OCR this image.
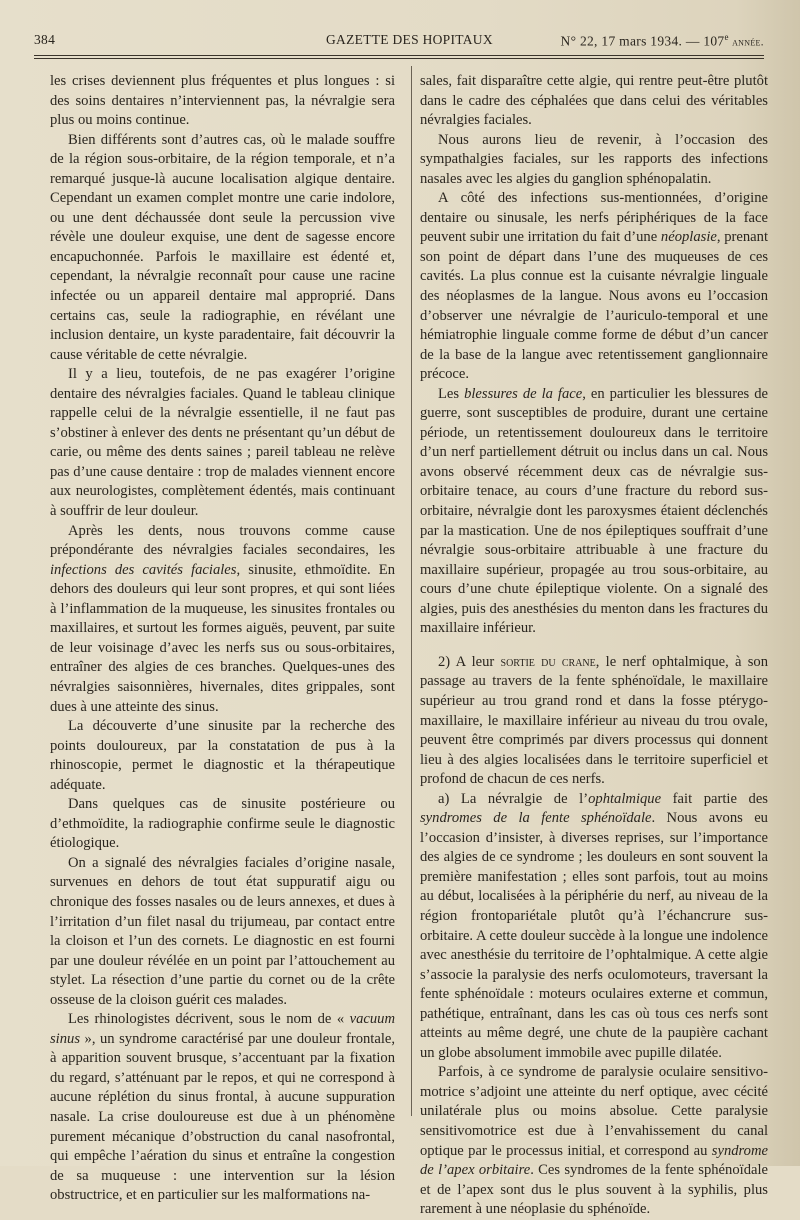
384	GAZETTE DES HOPITAUX	N° 22, 17 mars 1934. — 107e année.

les crises deviennent plus fréquentes et plus longues : si des soins dentaires n’interviennent pas, la névralgie sera plus ou moins continue.

Bien différents sont d’autres cas, où le malade souffre de la région sous-orbitaire, de la région temporale, et n’a remarqué jusque-là aucune localisation algique dentaire. Cependant un examen complet montre une carie indolore, ou une dent déchaussée dont seule la percussion vive révèle une douleur exquise, une dent de sagesse encore encapuchonnée. Parfois le maxillaire est édenté et, cependant, la névralgie reconnaît pour cause une racine infectée ou un appareil dentaire mal approprié. Dans certains cas, seule la radiographie, en révélant une inclusion dentaire, un kyste paradentaire, fait découvrir la cause véritable de cette névralgie.

Il y a lieu, toutefois, de ne pas exagérer l’origine dentaire des névralgies faciales. Quand le tableau clinique rappelle celui de la névralgie essentielle, il ne faut pas s’obstiner à enlever des dents ne présentant qu’un début de carie, ou même des dents saines ; pareil tableau ne relève pas d’une cause dentaire : trop de malades viennent encore aux neurologistes, complètement édentés, mais continuant à souffrir de leur douleur.

Après les dents, nous trouvons comme cause prépondérante des névralgies faciales secondaires, les infections des cavités faciales, sinusite, ethmoïdite. En dehors des douleurs qui leur sont propres, et qui sont liées à l’inflammation de la muqueuse, les sinusites frontales ou maxillaires, et surtout les formes aiguës, peuvent, par suite de leur voisinage d’avec les nerfs sus ou sous-orbitaires, entraîner des algies de ces branches. Quelques-unes des névralgies saisonnières, hivernales, dites grippales, sont dues à une atteinte des sinus.

La découverte d’une sinusite par la recherche des points douloureux, par la constatation de pus à la rhinoscopie, permet le diagnostic et la thérapeutique adéquate.

Dans quelques cas de sinusite postérieure ou d’ethmoïdite, la radiographie confirme seule le diagnostic étiologique.

On a signalé des névralgies faciales d’origine nasale, survenues en dehors de tout état suppuratif aigu ou chronique des fosses nasales ou de leurs annexes, et dues à l’irritation d’un filet nasal du trijumeau, par contact entre la cloison et l’un des cornets. Le diagnostic en est fourni par une douleur révélée en un point par l’attouchement au stylet. La résection d’une partie du cornet ou de la crête osseuse de la cloison guérit ces malades.

Les rhinologistes décrivent, sous le nom de « vacuum sinus », un syndrome caractérisé par une douleur frontale, à apparition souvent brusque, s’accentuant par la fixation du regard, s’atténuant par le repos, et qui ne correspond à aucune réplétion du sinus frontal, à aucune suppuration nasale. La crise douloureuse est due à un phénomène purement mécanique d’obstruction du canal nasofrontal, qui empêche l’aération du sinus et entraîne la congestion de sa muqueuse : une intervention sur la lésion obstructrice, et en particulier sur les malformations na-

sales, fait disparaître cette algie, qui rentre peut-être plutôt dans le cadre des céphalées que dans celui des véritables névralgies faciales.

Nous aurons lieu de revenir, à l’occasion des sympathalgies faciales, sur les rapports des infections nasales avec les algies du ganglion sphénopalatin.

A côté des infections sus-mentionnées, d’origine dentaire ou sinusale, les nerfs périphériques de la face peuvent subir une irritation du fait d’une néoplasie, prenant son point de départ dans l’une des muqueuses de ces cavités. La plus connue est la cuisante névralgie linguale des néoplasmes de la langue. Nous avons eu l’occasion d’observer une névralgie de l’auriculo-temporal et une hémiatrophie linguale comme forme de début d’un cancer de la base de la langue avec retentissement ganglionnaire précoce.

Les blessures de la face, en particulier les blessures de guerre, sont susceptibles de produire, durant une certaine période, un retentissement douloureux dans le territoire d’un nerf partiellement détruit ou inclus dans un cal. Nous avons observé récemment deux cas de névralgie sus-orbitaire tenace, au cours d’une fracture du rebord sus-orbitaire, névralgie dont les paroxysmes étaient déclenchés par la mastication. Une de nos épileptiques souffrait d’une névralgie sous-orbitaire attribuable à une fracture du maxillaire supérieur, propagée au trou sous-orbitaire, au cours d’une chute épileptique violente. On a signalé des algies, puis des anesthésies du menton dans les fractures du maxillaire inférieur.

2) A leur sortie du crane, le nerf ophtalmique, à son passage au travers de la fente sphénoïdale, le maxillaire supérieur au trou grand rond et dans la fosse ptérygo-maxillaire, le maxillaire inférieur au niveau du trou ovale, peuvent être comprimés par divers processus qui donnent lieu à des algies localisées dans le territoire superficiel et profond de chacun de ces nerfs.

a) La névralgie de l’ophtalmique fait partie des syndromes de la fente sphénoïdale. Nous avons eu l’occasion d’insister, à diverses reprises, sur l’importance des algies de ce syndrome ; les douleurs en sont souvent la première manifestation ; elles sont parfois, tout au moins au début, localisées à la périphérie du nerf, au niveau de la région frontopariétale plutôt qu’à l’échancrure sus-orbitaire. A cette douleur succède à la longue une indolence avec anesthésie du territoire de l’ophtalmique. A cette algie s’associe la paralysie des nerfs oculomoteurs, traversant la fente sphénoïdale : moteurs oculaires externe et commun, pathétique, entraînant, dans les cas où tous ces nerfs sont atteints au même degré, une chute de la paupière cachant un globe absolument immobile avec pupille dilatée.

Parfois, à ce syndrome de paralysie oculaire sensitivo-motrice s’adjoint une atteinte du nerf optique, avec cécité unilatérale plus ou moins absolue. Cette paralysie sensitivomotrice est due à l’envahissement du canal optique par le processus initial, et correspond au syndrome de l’apex orbitaire. Ces syndromes de la fente sphénoïdale et de l’apex sont dus le plus souvent à la syphilis, plus rarement à une néoplasie du sphénoïde.
